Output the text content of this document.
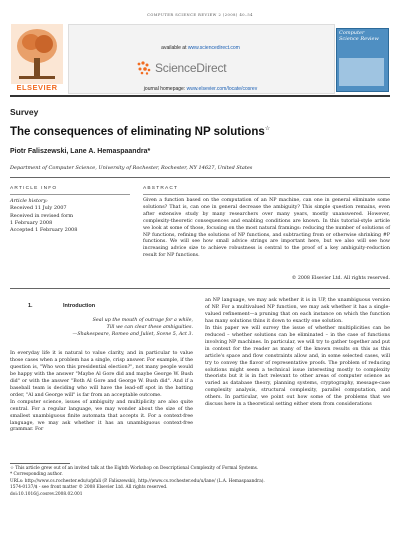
COMPUTER SCIENCE REVIEW 2 (2008) 40–54
ELSEVIER
available at www.sciencedirect.com
ScienceDirect
journal homepage: www.elsevier.com/locate/cosrev
Computer Science Review
Survey
The consequences of eliminating NP solutions☆
Piotr Faliszewski, Lane A. Hemaspaandra*
Department of Computer Science, University of Rochester, Rochester, NY 14627, United States
ARTICLE INFO	ABSTRACT
Article history:
Received 11 July 2007
Received in revised form
1 February 2008
Accepted 1 February 2008
Given a function based on the computation of an NP machine, can one in general eliminate some solutions? That is, can one in general decrease the ambiguity? This simple question remains, even after extensive study by many researchers over many years, mostly unanswered. However, complexity-theoretic consequences and enabling conditions are known. In this tutorial-style article we look at some of those, focusing on the most natural framings: reducing the number of solutions of NP functions, refining the solutions of NP functions, and subtracting from or otherwise shrinking #P functions. We will see how small advice strings are important here, but we also will see how increasing advice size to achieve robustness is central to the proof of a key ambiguity-reduction result for NP functions.
© 2008 Elsevier Ltd. All rights reserved.
1.	Introduction
Seal up the mouth of outrage for a while,
Till we can clear these ambiguities.
—Shakespeare, Romeo and Juliet, Scene 5, Act 3.
In everyday life it is natural to value clarity, and in particular to value those cases when a problem has a single, crisp answer. For example, if the question is, "Who won this presidential election?", not many people would be happy with the answer "Maybe Al Gore did and maybe George W. Bush did" or with the answer "Both Al Gore and George W. Bush did". And if a baseball team is deciding who will have the lead-off spot in the batting order, "Al and George will" is far from an acceptable outcome.
In computer science, issues of ambiguity and multiplicity are also quite central. For a regular language, we may wonder about the size of the smallest unambiguous finite automata that accepts it. For a context-free language, we may ask whether it has an unambiguous context-free grammar. For
an NP language, we may ask whether it is in UP, the unambiguous version of NP. For a multivalued NP function, we may ask whether it has a single-valued refinement—a pruning that on each instance on which the function has many solutions thins it down to exactly one solution.
In this paper we will survey the issue of whether multiplicities can be reduced – whether solutions can be eliminated – in the case of functions involving NP machines. In particular, we will try to gather together and put in context for the reader as many of the known results on this as this article's space and flow constraints allow and, in some selected cases, will try to convey the flavor of representative proofs. The problem of reducing solutions might seem a technical issue interesting mostly to complexity theorists but it is in fact relevant to other areas of computer science as varied as database theory, planning systems, cryptography, message-case complexity analysis, structural complexity, parallel computation, and others. In particular, we point out how some of the problems that we discuss here in a theoretical setting either stem from considerations
☆ This article grew out of an invited talk at the Eighth Workshop on Descriptional Complexity of Formal Systems.
* Corresponding author.
URLs: http://www.cs.rochester.edu/u/pfali (P. Faliszewski), http://www.cs.rochester.edu/u/lane/ (L.A. Hemaspaandra).
1574-0137/$ - see front matter © 2008 Elsevier Ltd. All rights reserved.
doi:10.1016/j.cosrev.2008.02.001
